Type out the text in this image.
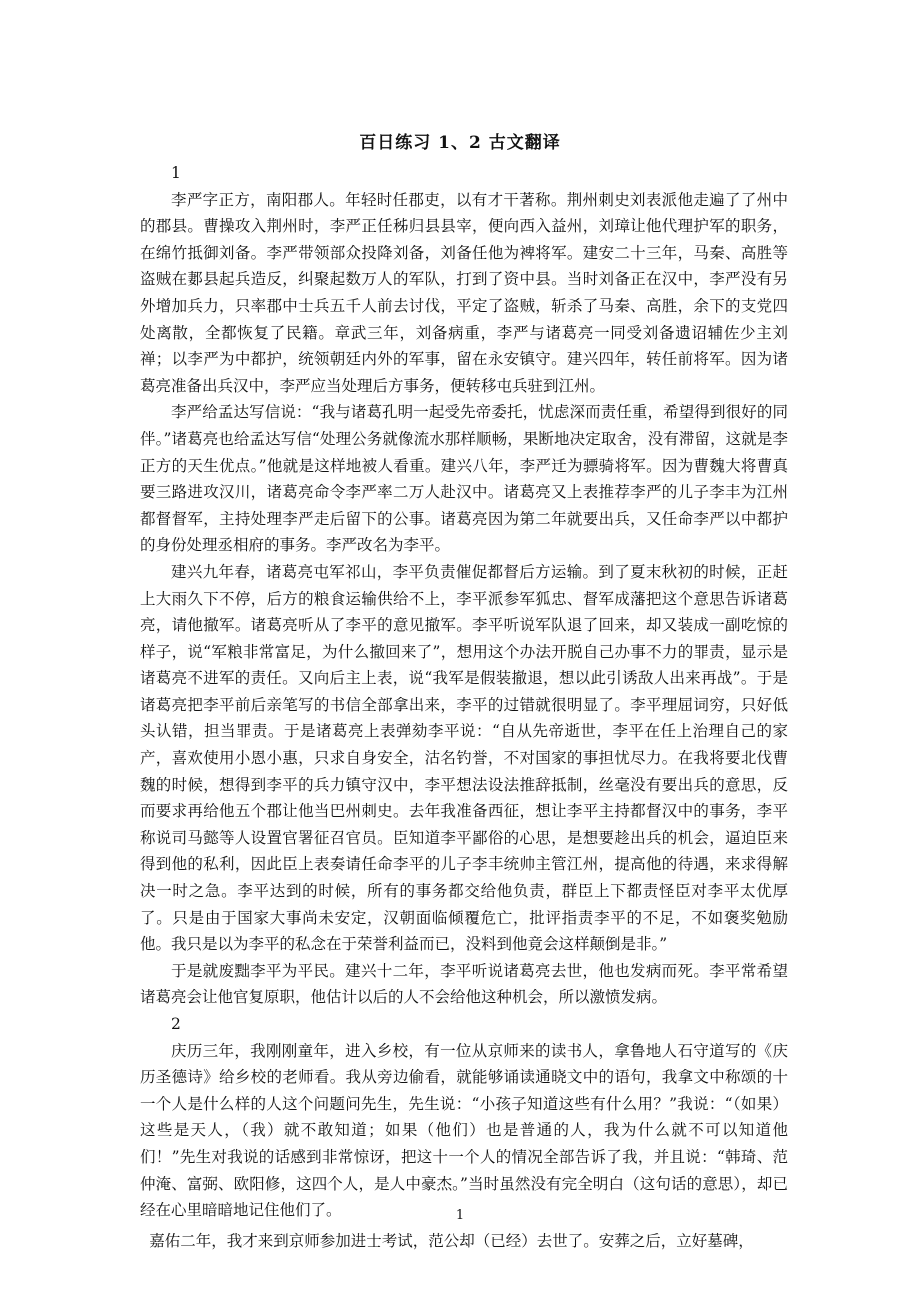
百日练习 1、2 古文翻译

1

李严字正方，南阳郡人。年轻时任郡吏，以有才干著称。荆州刺史刘表派他走遍了了州中的郡县。曹操攻入荆州时，李严正任秭归县县宰，便向西入益州，刘璋让他代理护军的职务，在绵竹抵御刘备。李严带领部众投降刘备，刘备任他为裨将军。建安二十三年，马秦、高胜等盗贼在郪县起兵造反，纠聚起数万人的军队，打到了资中县。当时刘备正在汉中，李严没有另外增加兵力，只率郡中士兵五千人前去讨伐，平定了盗贼，斩杀了马秦、高胜，余下的支党四处离散，全都恢复了民籍。章武三年，刘备病重，李严与诸葛亮一同受刘备遗诏辅佐少主刘禅；以李严为中都护，统领朝廷内外的军事，留在永安镇守。建兴四年，转任前将军。因为诸葛亮准备出兵汉中，李严应当处理后方事务，便转移屯兵驻到江州。

李严给孟达写信说：“我与诸葛孔明一起受先帝委托，忧虑深而责任重，希望得到很好的同伴。”诸葛亮也给孟达写信“处理公务就像流水那样顺畅，果断地决定取舍，没有滞留，这就是李正方的天生优点。”他就是这样地被人看重。建兴八年，李严迁为骠骑将军。因为曹魏大将曹真要三路进攻汉川，诸葛亮命令李严率二万人赴汉中。诸葛亮又上表推荐李严的儿子李丰为江州都督督军，主持处理李严走后留下的公事。诸葛亮因为第二年就要出兵，又任命李严以中都护的身份处理丞相府的事务。李严改名为李平。

建兴九年春，诸葛亮屯军祁山，李平负责催促都督后方运输。到了夏末秋初的时候，正赶上大雨久下不停，后方的粮食运输供给不上，李平派参军狐忠、督军成藩把这个意思告诉诸葛亮，请他撤军。诸葛亮听从了李平的意见撤军。李平听说军队退了回来，却又装成一副吃惊的样子，说“军粮非常富足，为什么撤回来了”，想用这个办法开脱自己办事不力的罪责，显示是诸葛亮不进军的责任。又向后主上表，说“我军是假装撤退，想以此引诱敌人出来再战”。于是诸葛亮把李平前后亲笔写的书信全部拿出来，李平的过错就很明显了。李平理屈词穷，只好低头认错，担当罪责。于是诸葛亮上表弹劾李平说：“自从先帝逝世，李平在任上治理自己的家产，喜欢使用小恩小惠，只求自身安全，沽名钓誉，不对国家的事担忧尽力。在我将要北伐曹魏的时候，想得到李平的兵力镇守汉中，李平想法设法推辞抵制，丝毫没有要出兵的意思，反而要求再给他五个郡让他当巴州刺史。去年我准备西征，想让李平主持都督汉中的事务，李平称说司马懿等人设置官署征召官员。臣知道李平鄙俗的心思，是想要趁出兵的机会，逼迫臣来得到他的私利，因此臣上表奏请任命李平的儿子李丰统帅主管江州，提高他的待遇，来求得解决一时之急。李平达到的时候，所有的事务都交给他负责，群臣上下都责怪臣对李平太优厚了。只是由于国家大事尚未安定，汉朝面临倾覆危亡，批评指责李平的不足，不如褒奖勉励他。我只是以为李平的私念在于荣誉利益而已，没料到他竟会这样颠倒是非。”

于是就废黜李平为平民。建兴十二年，李平听说诸葛亮去世，他也发病而死。李平常希望诸葛亮会让他官复原职，他估计以后的人不会给他这种机会，所以激愤发病。

2

庆历三年，我刚刚童年，进入乡校，有一位从京师来的读书人，拿鲁地人石守道写的《庆历圣德诗》给乡校的老师看。我从旁边偷看，就能够诵读通晓文中的语句，我拿文中称颂的十一个人是什么样的人这个问题问先生，先生说：“小孩子知道这些有什么用？”我说：“（如果）这些是天人，（我）就不敢知道；如果（他们）也是普通的人，我为什么就不可以知道他们！”先生对我说的话感到非常惊讶，把这十一个人的情况全部告诉了我，并且说：“韩琦、范仲淹、富弼、欧阳修，这四个人，是人中豪杰。”当时虽然没有完全明白（这句话的意思），却已经在心里暗暗地记住他们了。

嘉佑二年，我才来到京师参加进士考试，范公却（已经）去世了。安葬之后，立好墓碑，

1
